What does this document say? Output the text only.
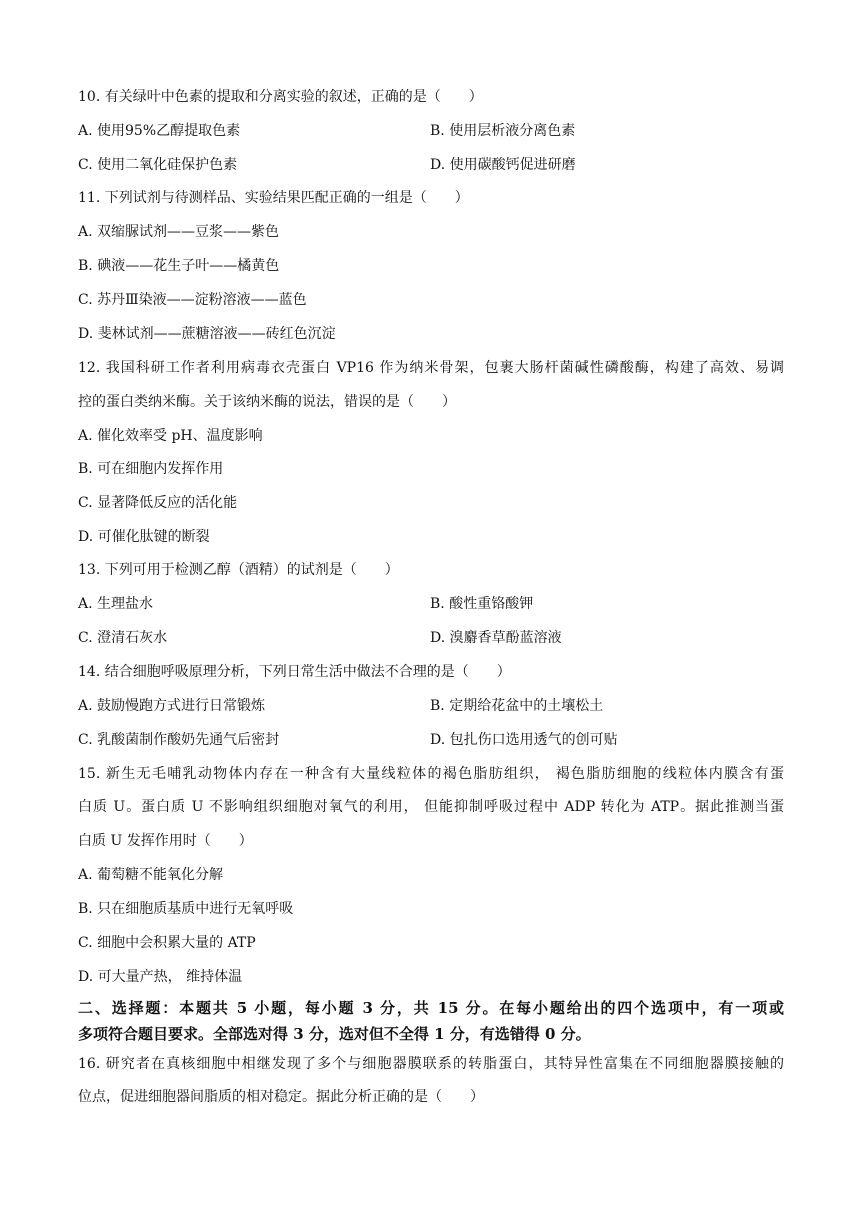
10. 有关绿叶中色素的提取和分离实验的叙述，正确的是（　　）
A. 使用95%乙醇提取色素	B. 使用层析液分离色素
C. 使用二氧化硅保护色素	D. 使用碳酸钙促进研磨
11. 下列试剂与待测样品、实验结果匹配正确的一组是（　　）
A. 双缩脲试剂——豆浆——紫色
B. 碘液——花生子叶——橘黄色
C. 苏丹Ⅲ染液——淀粉溶液——蓝色
D. 斐林试剂——蔗糖溶液——砖红色沉淀
12. 我国科研工作者利用病毒衣壳蛋白 VP16 作为纳米骨架，包裹大肠杆菌碱性磷酸酶，构建了高效、易调
控的蛋白类纳米酶。关于该纳米酶的说法，错误的是（　　）
A. 催化效率受 pH、温度影响
B. 可在细胞内发挥作用
C. 显著降低反应的活化能
D. 可催化肽键的断裂
13. 下列可用于检测乙醇（酒精）的试剂是（　　）
A. 生理盐水	B. 酸性重铬酸钾
C. 澄清石灰水	D. 溴麝香草酚蓝溶液
14. 结合细胞呼吸原理分析，下列日常生活中做法不合理的是（　　）
A. 鼓励慢跑方式进行日常锻炼	B. 定期给花盆中的土壤松土
C. 乳酸菌制作酸奶先通气后密封	D. 包扎伤口选用透气的创可贴
15. 新生无毛哺乳动物体内存在一种含有大量线粒体的褐色脂肪组织， 褐色脂肪细胞的线粒体内膜含有蛋
白质 U。蛋白质 U 不影响组织细胞对氧气的利用， 但能抑制呼吸过程中 ADP 转化为 ATP。据此推测当蛋
白质 U 发挥作用时（　　）
A. 葡萄糖不能氧化分解
B. 只在细胞质基质中进行无氧呼吸
C. 细胞中会积累大量的 ATP
D. 可大量产热， 维持体温
二、选择题：本题共 5 小题，每小题 3 分，共 15 分。在每小题给出的四个选项中，有一项或
多项符合题目要求。全部选对得 3 分，选对但不全得 1 分，有选错得 0 分。
16. 研究者在真核细胞中相继发现了多个与细胞器膜联系的转脂蛋白，其特异性富集在不同细胞器膜接触的
位点，促进细胞器间脂质的相对稳定。据此分析正确的是（　　）
